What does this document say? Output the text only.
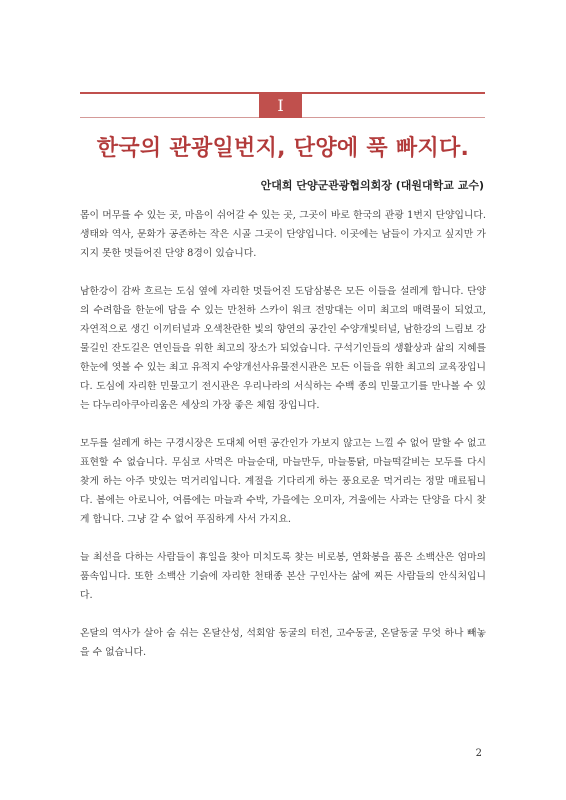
I
한국의 관광일번지, 단양에 푹 빠지다.
안대희 단양군관광협의회장 (대원대학교 교수)

몸이 머무를 수 있는 곳, 마음이 쉬어갈 수 있는 곳, 그곳이 바로 한국의 관광 1번지 단양입니다. 생태와 역사, 문화가 공존하는 작은 시골 그곳이 단양입니다. 이곳에는 남들이 가지고 싶지만 가지지 못한 멋들어진 단양 8경이 있습니다.

남한강이 감싸 흐르는 도심 옆에 자리한 멋들어진 도담삼봉은 모든 이들을 설레게 합니다. 단양의 수려함을 한눈에 담을 수 있는 만천하 스카이 워크 전망대는 이미 최고의 매력물이 되었고, 자연적으로 생긴 이끼터널과 오색찬란한 빛의 향연의 공간인 수양개빛터널, 남한강의 느림보 강물길인 잔도길은 연인들을 위한 최고의 장소가 되었습니다. 구석기인들의 생활상과 삶의 지혜를 한눈에 엿볼 수 있는 최고 유적지 수양개선사유물전시관은 모든 이들을 위한 최고의 교육장입니다. 도심에 자리한 민물고기 전시관은 우리나라의 서식하는 수백 종의 민물고기를 만나볼 수 있는 다누리아쿠아리움은 세상의 가장 좋은 체험 장입니다.

모두를 설레게 하는 구경시장은 도대체 어떤 공간인가 가보지 않고는 느낄 수 없어 말할 수 없고 표현할 수 없습니다. 무심코 사먹은 마늘순대, 마늘만두, 마늘통닭, 마늘떡갈비는 모두를 다시 찾게 하는 아주 맛있는 먹거리입니다. 계절을 기다리게 하는 풍요로운 먹거리는 정말 매료됩니다. 봄에는 아로니아, 여름에는 마늘과 수박, 가을에는 오미자, 겨울에는 사과는 단양을 다시 찾게 합니다. 그냥 갈 수 없어 푸짐하게 사서 가지요.

늘 최선을 다하는 사람들이 휴일을 찾아 미치도록 찾는 비로봉, 연화봉을 품은 소백산은 엄마의 품속입니다. 또한 소백산 기슭에 자리한 천태종 본산 구인사는 삶에 찌든 사람들의 안식처입니다.

온달의 역사가 살아 숨 쉬는 온달산성, 석회암 동굴의 터전, 고수동굴, 온달동굴 무엇 하나 빼놓을 수 없습니다.

2
